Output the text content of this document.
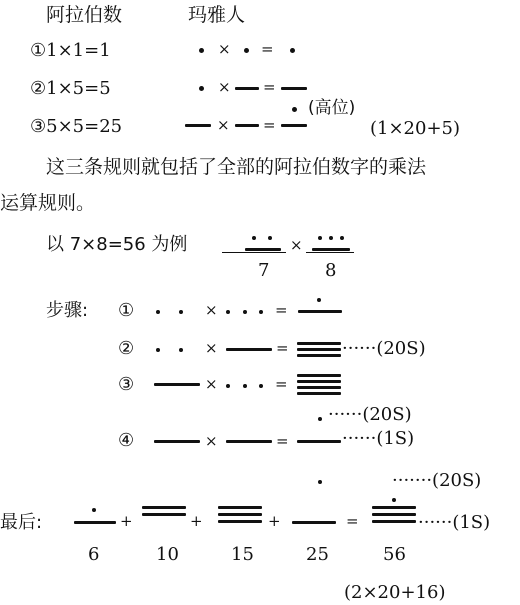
阿拉伯数	玛雅人
①1×1=1	× =
②1×5=5	× =
③5×5=25	× =
(高位)
(1×20+5)
这三条规则就包括了全部的阿拉伯数字的乘法
运算规则。
以 7×8=56 为例	×
7	8
步骤: ①	×	=
②	×	=	······(20S)
③	×	=
······(20S)
④	×	=	······(1S)
·······(20S)
最后:	+	+	+	=	······(1S)
6	10	15	25	56
(2×20+16)
